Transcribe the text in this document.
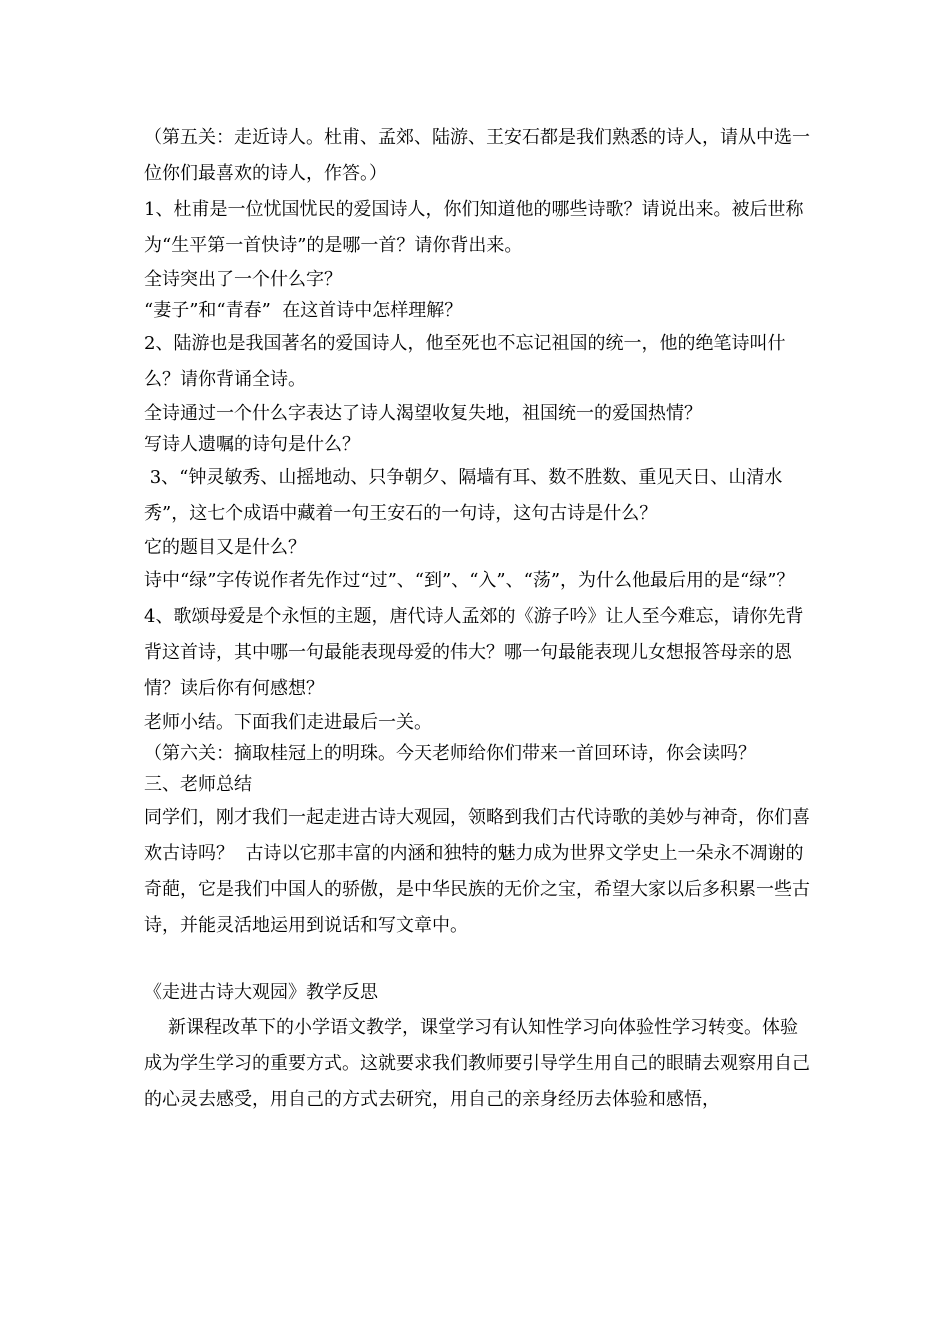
（第五关：走近诗人。杜甫、孟郊、陆游、王安石都是我们熟悉的诗人，请从中选一位你们最喜欢的诗人，作答。）

1、杜甫是一位忧国忧民的爱国诗人，你们知道他的哪些诗歌？请说出来。被后世称为“生平第一首快诗”的是哪一首？请你背出来。

全诗突出了一个什么字？

“妻子”和“青春”  在这首诗中怎样理解？

2、陆游也是我国著名的爱国诗人，他至死也不忘记祖国的统一，他的绝笔诗叫什么？请你背诵全诗。

全诗通过一个什么字表达了诗人渴望收复失地，祖国统一的爱国热情？

写诗人遗嘱的诗句是什么？

3、“钟灵敏秀、山摇地动、只争朝夕、隔墙有耳、数不胜数、重见天日、山清水秀”，这七个成语中藏着一句王安石的一句诗，这句古诗是什么？

它的题目又是什么？

诗中“绿”字传说作者先作过“过”、“到”、“入”、“荡”，为什么他最后用的是“绿”？

4、歌颂母爱是个永恒的主题，唐代诗人孟郊的《游子吟》让人至今难忘，请你先背背这首诗，其中哪一句最能表现母爱的伟大？哪一句最能表现儿女想报答母亲的恩情？读后你有何感想？

老师小结。下面我们走进最后一关。

（第六关：摘取桂冠上的明珠。今天老师给你们带来一首回环诗，你会读吗？

三、老师总结

同学们，刚才我们一起走进古诗大观园，领略到我们古代诗歌的美妙与神奇，你们喜欢古诗吗？  古诗以它那丰富的内涵和独特的魅力成为世界文学史上一朵永不凋谢的奇葩，它是我们中国人的骄傲，是中华民族的无价之宝，希望大家以后多积累一些古诗，并能灵活地运用到说话和写文章中。

《走进古诗大观园》教学反思

新课程改革下的小学语文教学，课堂学习有认知性学习向体验性学习转变。体验成为学生学习的重要方式。这就要求我们教师要引导学生用自己的眼睛去观察用自己的心灵去感受，用自己的方式去研究，用自己的亲身经历去体验和感悟，
